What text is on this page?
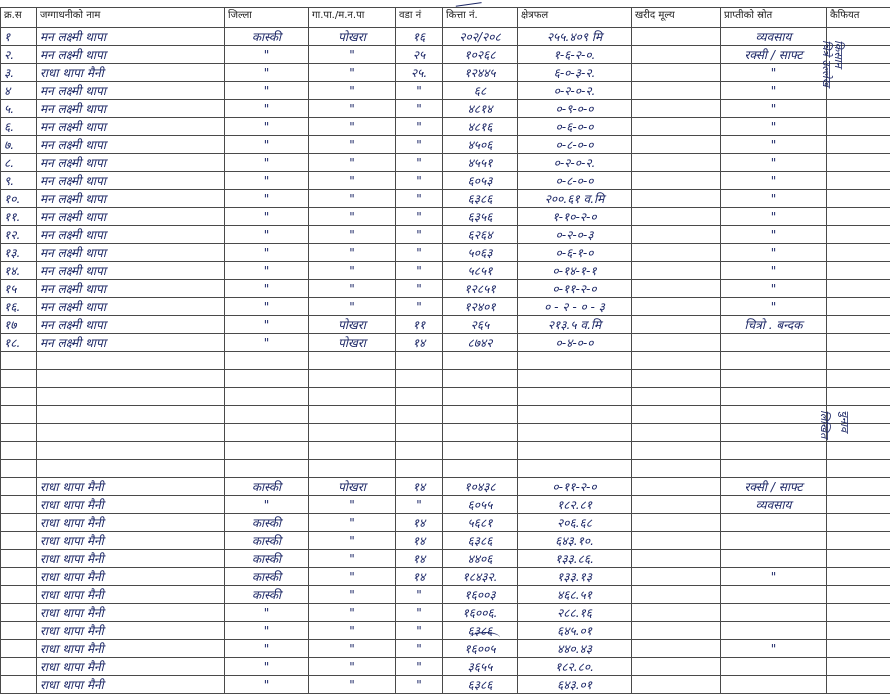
क्र.स	जग्गाधनीको नाम	जिल्ला	गा.पा./म.न.पा	वडा नं	कित्ता नं.	क्षेत्रफल	खरीद मूल्य	प्राप्तीको स्रोत	कैफियत
१	मन लक्ष्मी थापा	कास्की	पोखरा	१६	२०२/२०८	२५५.४०९ मि		व्यवसाय	
२.	मन लक्ष्मी थापा	"	"	२५	१०२६८	१-६-२-०.		रक्सी / साफ्ट	
३.	राधा थापा मैनी	"	"	२५.	१२४४५	६-०-३-२.		"	
४	मन लक्ष्मी थापा	"	"	"	६८	०-२-०-२.		"	
५.	मन लक्ष्मी थापा	"	"	"	४८१४	०-९-०-०		"	
६.	मन लक्ष्मी थापा	"	"	"	४८१६	०-६-०-०		"	
७.	मन लक्ष्मी थापा	"	"	"	४५०६	०-८-०-०		"	
८.	मन लक्ष्मी थापा	"	"	"	४५५१	०-२-०-२.		"	
९.	मन लक्ष्मी थापा	"	"	"	६०५३	०-८-०-०		"	
१०.	मन लक्ष्मी थापा	"	"	"	६३८६	२००.६१ व.मि		"	
११.	मन लक्ष्मी थापा	"	"	"	६३५६	१-१०-२-०		"	
१२.	मन लक्ष्मी थापा	"	"	"	६२६४	०-२-०-३		"	
१३.	मन लक्ष्मी थापा	"	"	"	५०६३	०-६-१-०		"	
१४.	मन लक्ष्मी थापा	"	"	"	५८५१	०-१४-१-१		"	
१५	मन लक्ष्मी थापा	"	"	"	१२८५१	०-११-२-०		"	
१६.	मन लक्ष्मी थापा	"	"	"	१२४०१	० - २ - ० - ३		"	
१७	मन लक्ष्मी थापा	"	पोखरा	११	२६५	२१३.५ व.मि		चित्रो . बन्दक	
१८.	मन लक्ष्मी थापा	"	पोखरा	१४	८७४२	०-४-०-०			

	राधा थापा मैनी	कास्की	पोखरा	१४	१०४३८	०-११-२-०		रक्सी / साफ्ट	
	राधा थापा मैनी	"	"	"	६०५५	१८२.८१		व्यवसाय	
	राधा थापा मैनी	कास्की	"	१४	५६८१	२०६.६८			
	राधा थापा मैनी	कास्की	"	१४	६३८६	६४३.१०.			
	राधा थापा मैनी	कास्की	"	१४	४४०६	१३३.८६.			
	राधा थापा मैनी	कास्की	"	१४	१८४३२.	१३३.१३		"	
	राधा थापा मैनी	कास्की	"	"	१६००३	४६८.५१			
	राधा थापा मैनी	"	"	"	१६००६.	२८८.१६			
	राधा थापा मैनी	"	"	"	६३८६	६४५.०१			
	राधा थापा मैनी	"	"	"	१६००५	४४०.४३		"	
	राधा थापा मैनी	"	"	"	३६५५	१८२.८०.			
	राधा थापा मैनी	"	"	"	६३८६	६४३.०१			
चित्रे उल्लेख किसान
लिखित चुनाव
